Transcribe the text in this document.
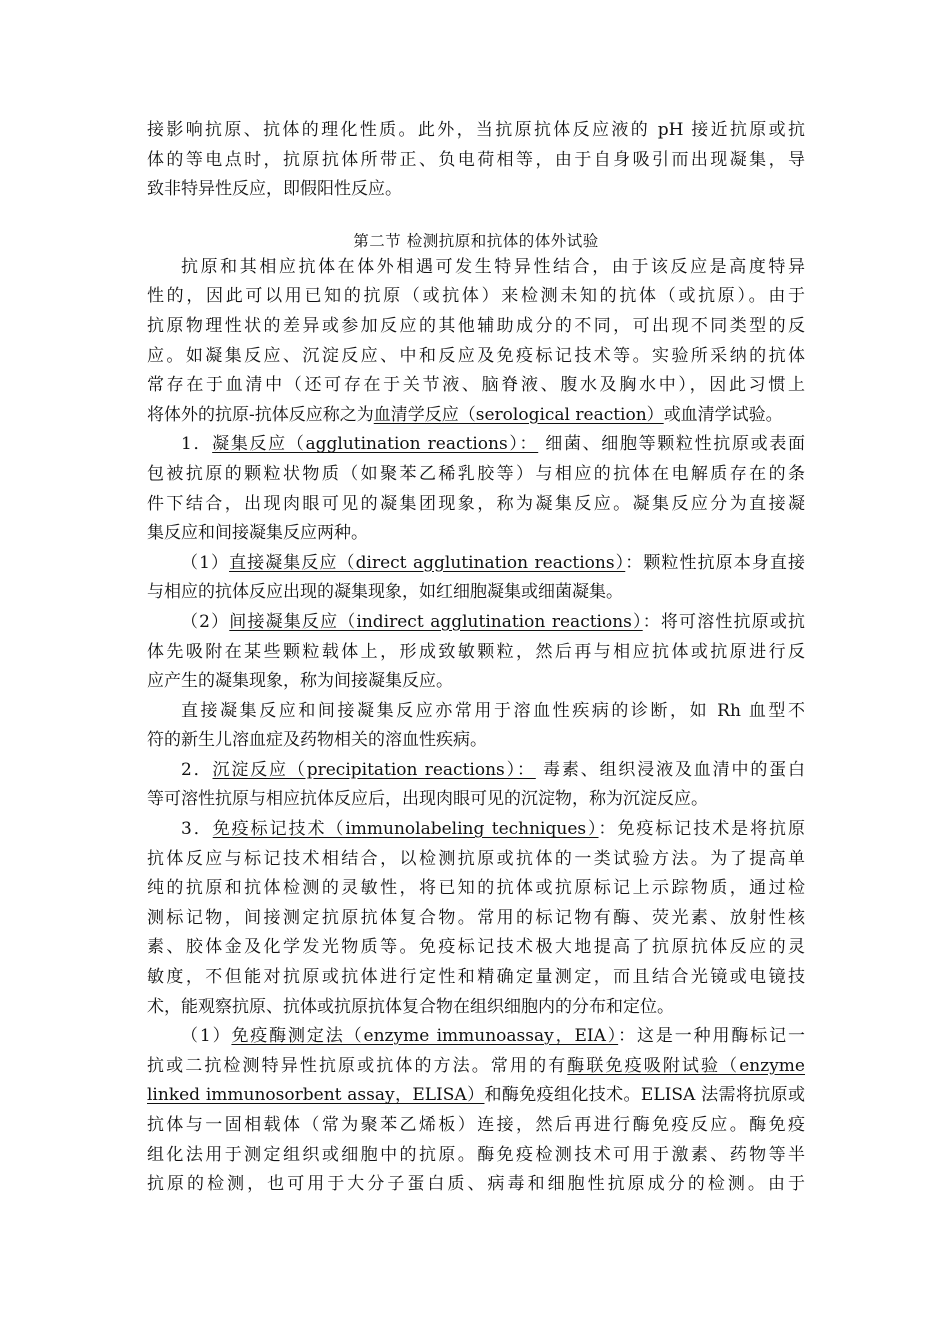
接影响抗原、抗体的理化性质。此外，当抗原抗体反应液的 pH 接近抗原或抗
体的等电点时，抗原抗体所带正、负电荷相等，由于自身吸引而出现凝集，导
致非特异性反应，即假阳性反应。
第二节 检测抗原和抗体的体外试验
抗原和其相应抗体在体外相遇可发生特异性结合，由于该反应是高度特异
性的，因此可以用已知的抗原（或抗体）来检测未知的抗体（或抗原）。由于
抗原物理性状的差异或参加反应的其他辅助成分的不同，可出现不同类型的反
应。如凝集反应、沉淀反应、中和反应及免疫标记技术等。实验所采纳的抗体
常存在于血清中（还可存在于关节液、脑脊液、腹水及胸水中），因此习惯上
将体外的抗原-抗体反应称之为血清学反应（serological reaction）或血清学试验。
1．凝集反应（agglutination reactions）： 细菌、细胞等颗粒性抗原或表面
包被抗原的颗粒状物质（如聚苯乙稀乳胶等）与相应的抗体在电解质存在的条
件下结合，出现肉眼可见的凝集团现象，称为凝集反应。凝集反应分为直接凝
集反应和间接凝集反应两种。
（1）直接凝集反应（direct agglutination reactions）：颗粒性抗原本身直接
与相应的抗体反应出现的凝集现象，如红细胞凝集或细菌凝集。
（2）间接凝集反应（indirect agglutination reactions）：将可溶性抗原或抗
体先吸附在某些颗粒载体上，形成致敏颗粒，然后再与相应抗体或抗原进行反
应产生的凝集现象，称为间接凝集反应。
直接凝集反应和间接凝集反应亦常用于溶血性疾病的诊断，如 Rh 血型不
符的新生儿溶血症及药物相关的溶血性疾病。
2．沉淀反应（precipitation reactions）： 毒素、组织浸液及血清中的蛋白
等可溶性抗原与相应抗体反应后，出现肉眼可见的沉淀物，称为沉淀反应。
3．免疫标记技术（immunolabeling techniques）：免疫标记技术是将抗原
抗体反应与标记技术相结合，以检测抗原或抗体的一类试验方法。为了提高单
纯的抗原和抗体检测的灵敏性，将已知的抗体或抗原标记上示踪物质，通过检
测标记物，间接测定抗原抗体复合物。常用的标记物有酶、荧光素、放射性核
素、胶体金及化学发光物质等。免疫标记技术极大地提高了抗原抗体反应的灵
敏度，不但能对抗原或抗体进行定性和精确定量测定，而且结合光镜或电镜技
术，能观察抗原、抗体或抗原抗体复合物在组织细胞内的分布和定位。
（1）免疫酶测定法（enzyme immunoassay，EIA）：这是一种用酶标记一
抗或二抗检测特异性抗原或抗体的方法。常用的有酶联免疫吸附试验（enzyme
linked immunosorbent assay，ELISA）和酶免疫组化技术。ELISA 法需将抗原或
抗体与一固相载体（常为聚苯乙烯板）连接，然后再进行酶免疫反应。酶免疫
组化法用于测定组织或细胞中的抗原。酶免疫检测技术可用于激素、药物等半
抗原的检测，也可用于大分子蛋白质、病毒和细胞性抗原成分的检测。由于
